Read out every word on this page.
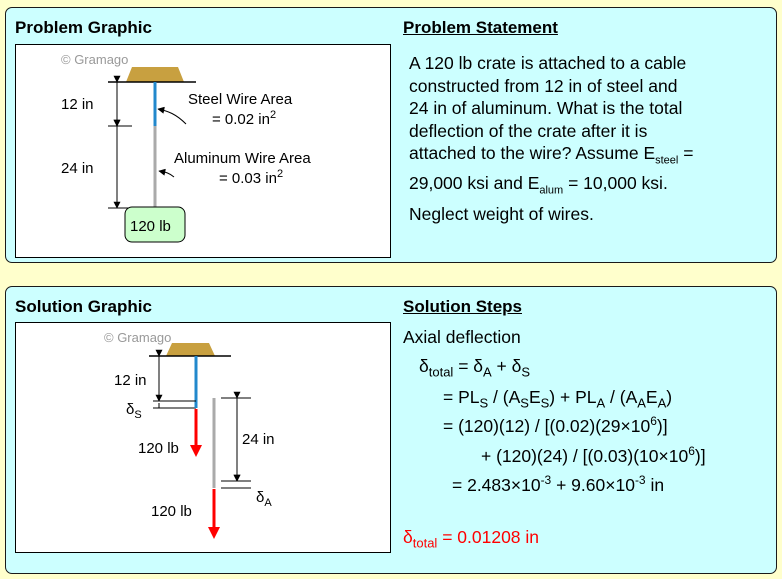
Problem Graphic	Problem Statement
© Gramago
12 in
24 in
Steel Wire Area
= 0.02 $in^2$
Aluminum Wire Area
= 0.03 $in^2$
120 lb
A 120 lb crate is attached to a cable
constructed from 12 in of steel and
24 in of aluminum. What is the total
deflection of the crate after it is
attached to the wire? Assume $E_{steel}$ =
29,000 ksi and $E_{alum} = 10,000$ ksi.
Neglect weight of wires.
Solution Graphic	Solution Steps
© Gramago
12 in
$\delta_S$
120 lb
24 in
$\delta_A$
120 lb
Axial deflection
$\delta_{total} = \delta_A + \delta_S$
= $PL_S / (A_SE_S) + PL_A / (A_AE_A)$
= $(120)(12) / [(0.02)(29\times 10^6)]$
+ $(120)(24) / [(0.03)(10\times 10^6)]$
= $2.483\times 10^{-3} + 9.60\times 10^{-3}$ in
$\delta_{total} = 0.01208$ in
